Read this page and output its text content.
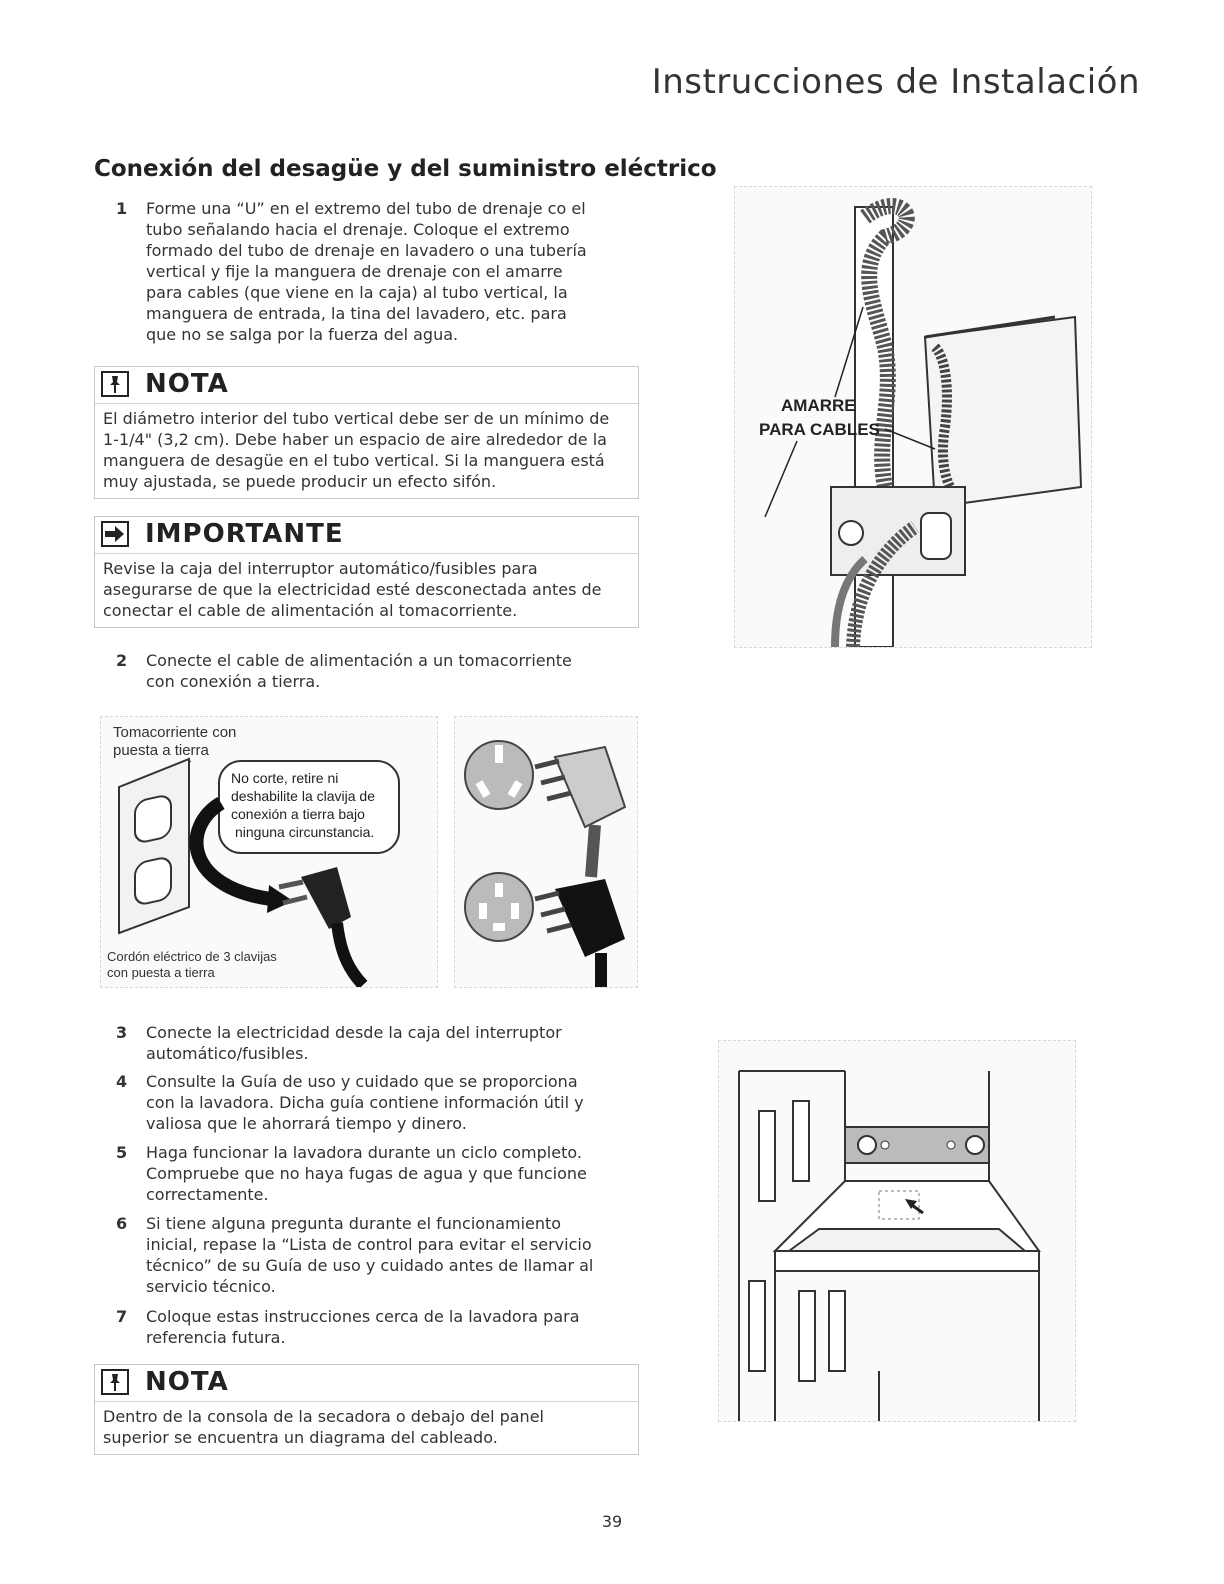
Instrucciones de Instalación
Conexión del desagüe y del suministro eléctrico
1	Forme una “U” en el extremo del tubo de drenaje co el
tubo señalando hacia el drenaje. Coloque el extremo
formado del tubo de drenaje en lavadero o una tubería
vertical y fije la manguera de drenaje con el amarre
para cables (que viene en la caja) al tubo vertical, la
manguera de entrada, la tina del lavadero, etc. para
que no se salga por la fuerza del agua.
NOTA
El diámetro interior del tubo vertical debe ser de un mínimo de
1-1/4" (3,2 cm). Debe haber un espacio de aire alrededor de la
manguera de desagüe en el tubo vertical. Si la manguera está
muy ajustada, se puede producir un efecto sifón.
IMPORTANTE
Revise la caja del interruptor automático/fusibles para
asegurarse de que la electricidad esté desconectada antes de
conectar el cable de alimentación al tomacorriente.
2	Conecte el cable de alimentación a un tomacorriente
con conexión a tierra.
Tomacorriente con
puesta a tierra
No corte, retire ni
deshabilite la clavija de
conexión a tierra bajo
ninguna circunstancia.
Cordón eléctrico de 3 clavijas
con puesta a tierra
3	Conecte la electricidad desde la caja del interruptor
automático/fusibles.
4	Consulte la Guía de uso y cuidado que se proporciona
con la lavadora. Dicha guía contiene información útil y
valiosa que le ahorrará tiempo y dinero.
5	Haga funcionar la lavadora durante un ciclo completo.
Compruebe que no haya fugas de agua y que funcione
correctamente.
6	Si tiene alguna pregunta durante el funcionamiento
inicial, repase la “Lista de control para evitar el servicio
técnico” de su Guía de uso y cuidado antes de llamar al
servicio técnico.
7	Coloque estas instrucciones cerca de la lavadora para
referencia futura.
NOTA
Dentro de la consola de la secadora o debajo del panel
superior se encuentra un diagrama del cableado.
AMARRE
PARA CABLES
39
